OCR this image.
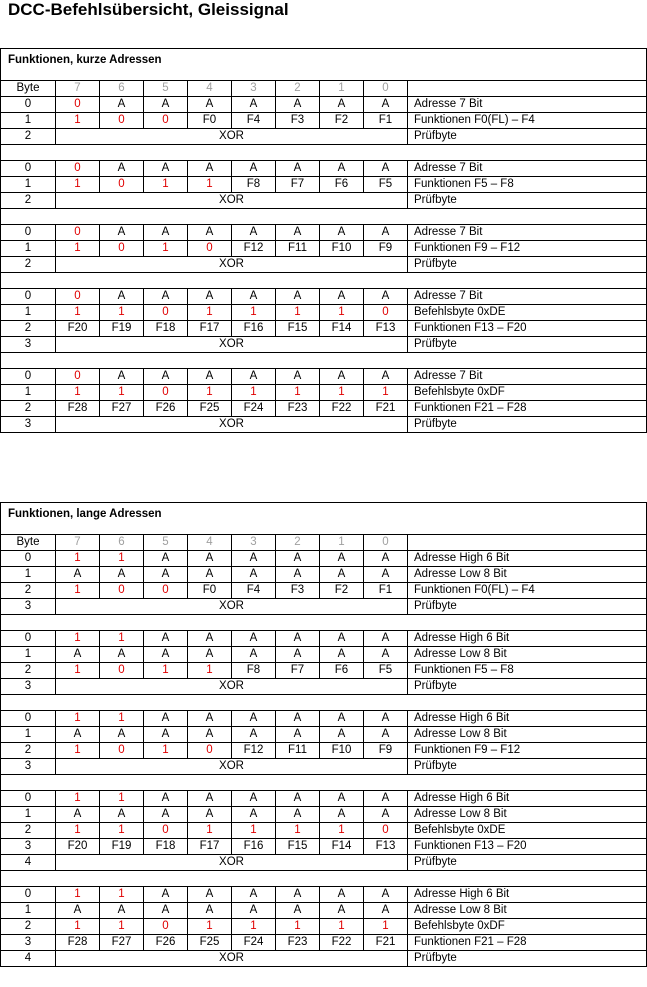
DCC-Befehlsübersicht, Gleissignal
Funktionen, kurze Adressen									
Byte	7	6	5	4	3	2	1	0	
0	0	A	A	A	A	A	A	A	Adresse 7 Bit
1	1	0	0	F0	F4	F3	F2	F1	Funktionen F0(FL) – F4
2	XOR								Prüfbyte

0	0	A	A	A	A	A	A	A	Adresse 7 Bit
1	1	0	1	1	F8	F7	F6	F5	Funktionen F5 – F8
2	XOR								Prüfbyte

0	0	A	A	A	A	A	A	A	Adresse 7 Bit
1	1	0	1	0	F12	F11	F10	F9	Funktionen F9 – F12
2	XOR								Prüfbyte

0	0	A	A	A	A	A	A	A	Adresse 7 Bit
1	1	1	0	1	1	1	1	0	Befehlsbyte 0xDE
2	F20	F19	F18	F17	F16	F15	F14	F13	Funktionen F13 – F20
3	XOR								Prüfbyte

0	0	A	A	A	A	A	A	A	Adresse 7 Bit
1	1	1	0	1	1	1	1	1	Befehlsbyte 0xDF
2	F28	F27	F26	F25	F24	F23	F22	F21	Funktionen F21 – F28
3	XOR								Prüfbyte
Funktionen, lange Adressen									
Byte	7	6	5	4	3	2	1	0	
0	1	1	A	A	A	A	A	A	Adresse High 6 Bit
1	A	A	A	A	A	A	A	A	Adresse Low 8 Bit
2	1	0	0	F0	F4	F3	F2	F1	Funktionen F0(FL) – F4
3	XOR								Prüfbyte

0	1	1	A	A	A	A	A	A	Adresse High 6 Bit
1	A	A	A	A	A	A	A	A	Adresse Low 8 Bit
2	1	0	1	1	F8	F7	F6	F5	Funktionen F5 – F8
3	XOR								Prüfbyte

0	1	1	A	A	A	A	A	A	Adresse High 6 Bit
1	A	A	A	A	A	A	A	A	Adresse Low 8 Bit
2	1	0	1	0	F12	F11	F10	F9	Funktionen F9 – F12
3	XOR								Prüfbyte

0	1	1	A	A	A	A	A	A	Adresse High 6 Bit
1	A	A	A	A	A	A	A	A	Adresse Low 8 Bit
2	1	1	0	1	1	1	1	0	Befehlsbyte 0xDE
3	F20	F19	F18	F17	F16	F15	F14	F13	Funktionen F13 – F20
4	XOR								Prüfbyte

0	1	1	A	A	A	A	A	A	Adresse High 6 Bit
1	A	A	A	A	A	A	A	A	Adresse Low 8 Bit
2	1	1	0	1	1	1	1	1	Befehlsbyte 0xDF
3	F28	F27	F26	F25	F24	F23	F22	F21	Funktionen F21 – F28
4	XOR								Prüfbyte
